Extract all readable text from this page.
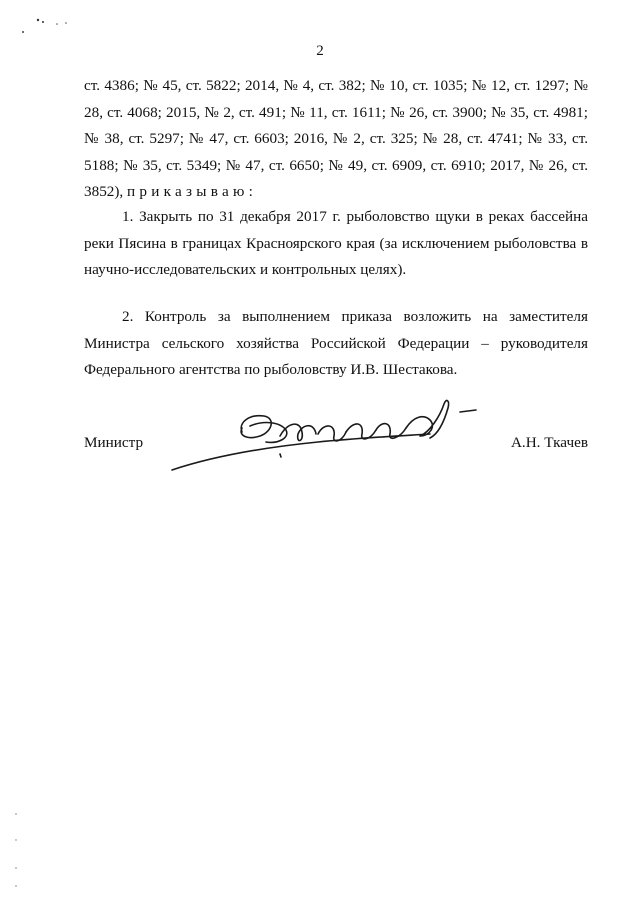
2

ст. 4386; № 45, ст. 5822; 2014, № 4, ст. 382; № 10, ст. 1035; № 12, ст. 1297; № 28, ст. 4068; 2015, № 2, ст. 491; № 11, ст. 1611; № 26, ст. 3900; № 35, ст. 4981; № 38, ст. 5297; № 47, ст. 6603; 2016, № 2, ст. 325; № 28, ст. 4741; № 33, ст. 5188; № 35, ст. 5349; № 47, ст. 6650; № 49, ст. 6909, ст. 6910; 2017, № 26, ст. 3852), приказываю:

1. Закрыть по 31 декабря 2017 г. рыболовство щуки в реках бассейна реки Пясина в границах Красноярского края (за исключением рыболовства в научно-исследовательских и контрольных целях).

2. Контроль за выполнением приказа возложить на заместителя Министра сельского хозяйства Российской Федерации – руководителя Федерального агентства по рыболовству И.В. Шестакова.

Министр	А.Н. Ткачев
